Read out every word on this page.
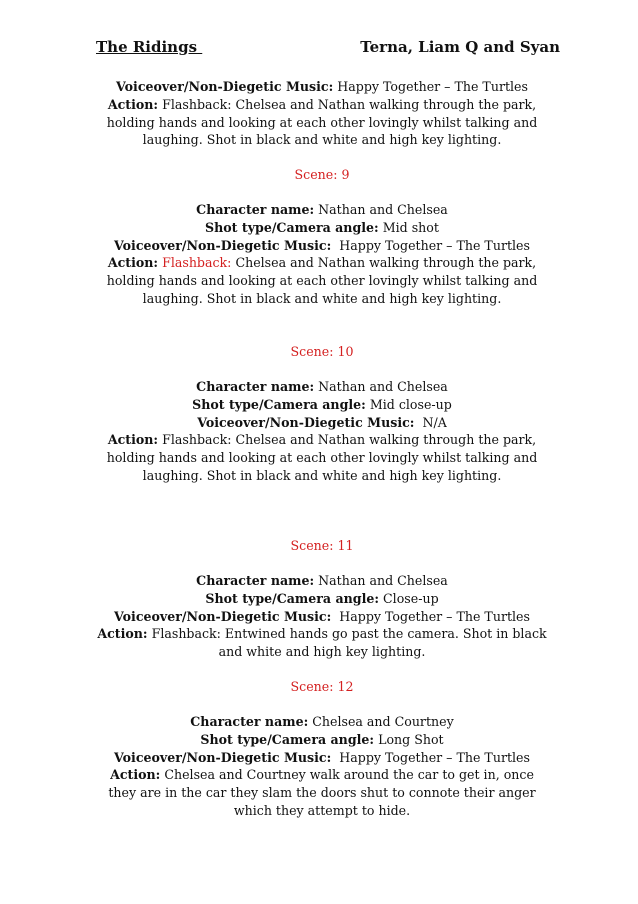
The Ridings	Terna, Liam Q and Syan
Voiceover/Non-Diegetic Music: Happy Together – The Turtles
Action: Flashback: Chelsea and Nathan walking through the park,
holding hands and looking at each other lovingly whilst talking and
laughing. Shot in black and white and high key lighting.
Scene: 9
Character name: Nathan and Chelsea
Shot type/Camera angle: Mid shot
Voiceover/Non-Diegetic Music: Happy Together – The Turtles
Action: Flashback: Chelsea and Nathan walking through the park,
holding hands and looking at each other lovingly whilst talking and
laughing. Shot in black and white and high key lighting.
Scene: 10
Character name: Nathan and Chelsea
Shot type/Camera angle: Mid close-up
Voiceover/Non-Diegetic Music: N/A
Action: Flashback: Chelsea and Nathan walking through the park,
holding hands and looking at each other lovingly whilst talking and
laughing. Shot in black and white and high key lighting.
Scene: 11
Character name: Nathan and Chelsea
Shot type/Camera angle: Close-up
Voiceover/Non-Diegetic Music: Happy Together – The Turtles
Action: Flashback: Entwined hands go past the camera. Shot in black
and white and high key lighting.
Scene: 12
Character name: Chelsea and Courtney
Shot type/Camera angle: Long Shot
Voiceover/Non-Diegetic Music: Happy Together – The Turtles
Action: Chelsea and Courtney walk around the car to get in, once
they are in the car they slam the doors shut to connote their anger
which they attempt to hide.
